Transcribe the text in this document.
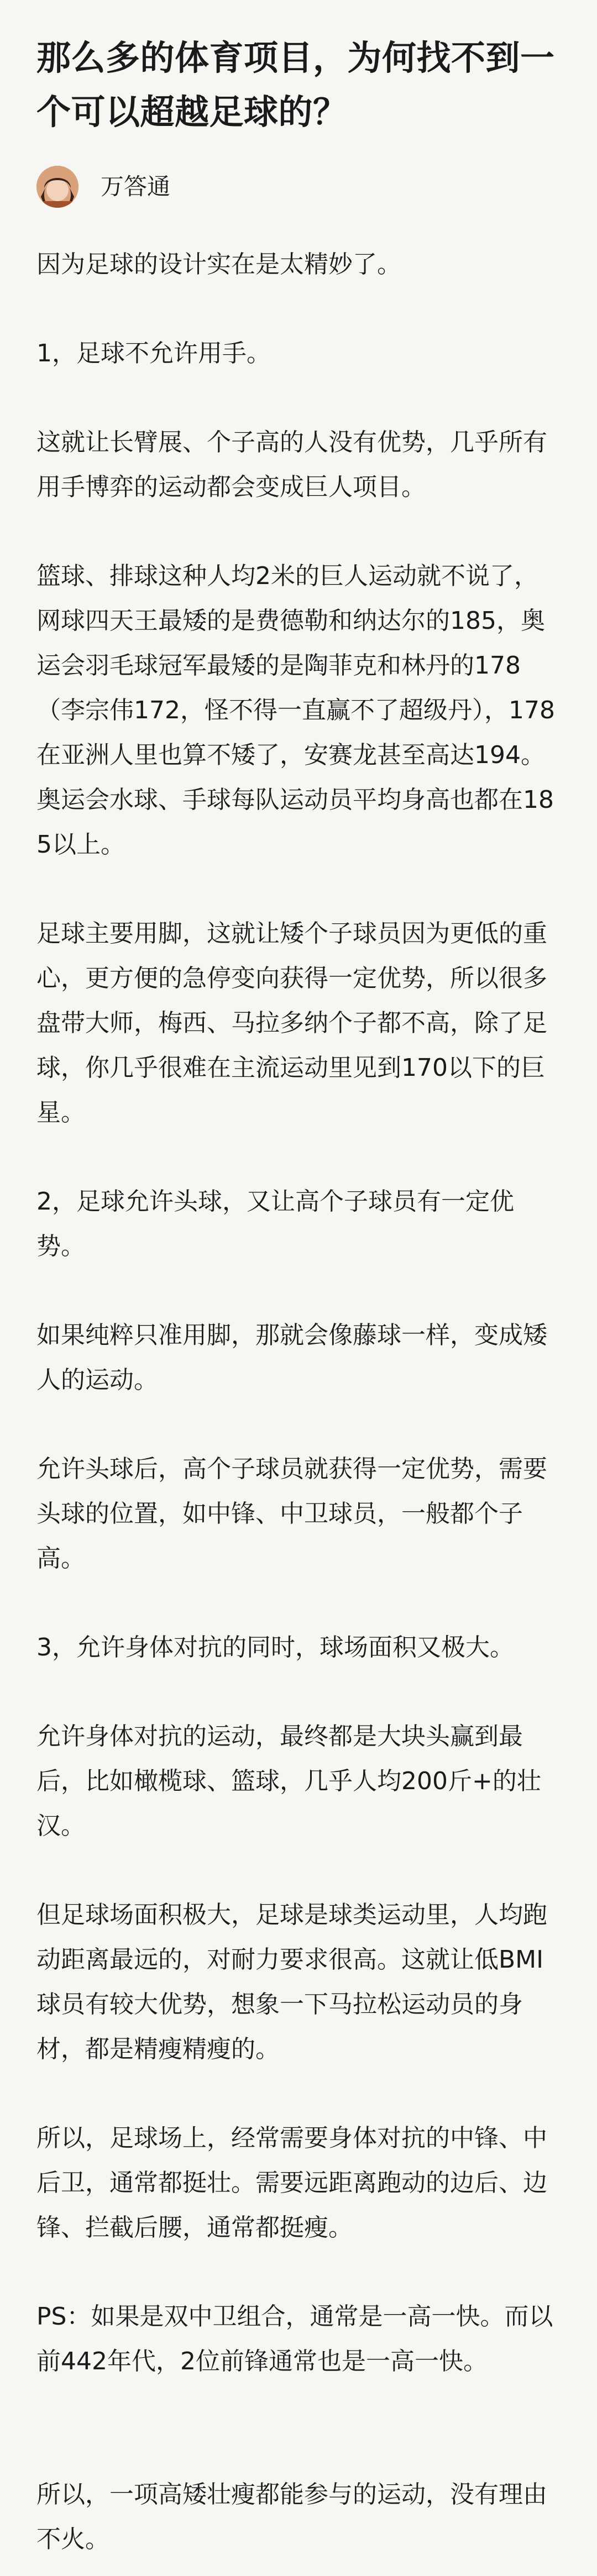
那么多的体育项目，为何找不到一个可以超越足球的？
万答通

因为足球的设计实在是太精妙了。

1，足球不允许用手。

这就让长臂展、个子高的人没有优势，几乎所有用手博弈的运动都会变成巨人项目。

篮球、排球这种人均2米的巨人运动就不说了，网球四天王最矮的是费德勒和纳达尔的185，奥运会羽毛球冠军最矮的是陶菲克和林丹的178（李宗伟172，怪不得一直赢不了超级丹），178在亚洲人里也算不矮了，安赛龙甚至高达194。奥运会水球、手球每队运动员平均身高也都在185以上。

足球主要用脚，这就让矮个子球员因为更低的重心，更方便的急停变向获得一定优势，所以很多盘带大师，梅西、马拉多纳个子都不高，除了足球，你几乎很难在主流运动里见到170以下的巨星。

2，足球允许头球，又让高个子球员有一定优势。

如果纯粹只准用脚，那就会像藤球一样，变成矮人的运动。

允许头球后，高个子球员就获得一定优势，需要头球的位置，如中锋、中卫球员，一般都个子高。

3，允许身体对抗的同时，球场面积又极大。

允许身体对抗的运动，最终都是大块头赢到最后，比如橄榄球、篮球，几乎人均200斤+的壮汉。

但足球场面积极大，足球是球类运动里，人均跑动距离最远的，对耐力要求很高。这就让低BMI球员有较大优势，想象一下马拉松运动员的身材，都是精瘦精瘦的。

所以，足球场上，经常需要身体对抗的中锋、中后卫，通常都挺壮。需要远距离跑动的边后、边锋、拦截后腰，通常都挺瘦。

PS：如果是双中卫组合，通常是一高一快。而以前442年代，2位前锋通常也是一高一快。

所以，一项高矮壮瘦都能参与的运动，没有理由不火。
